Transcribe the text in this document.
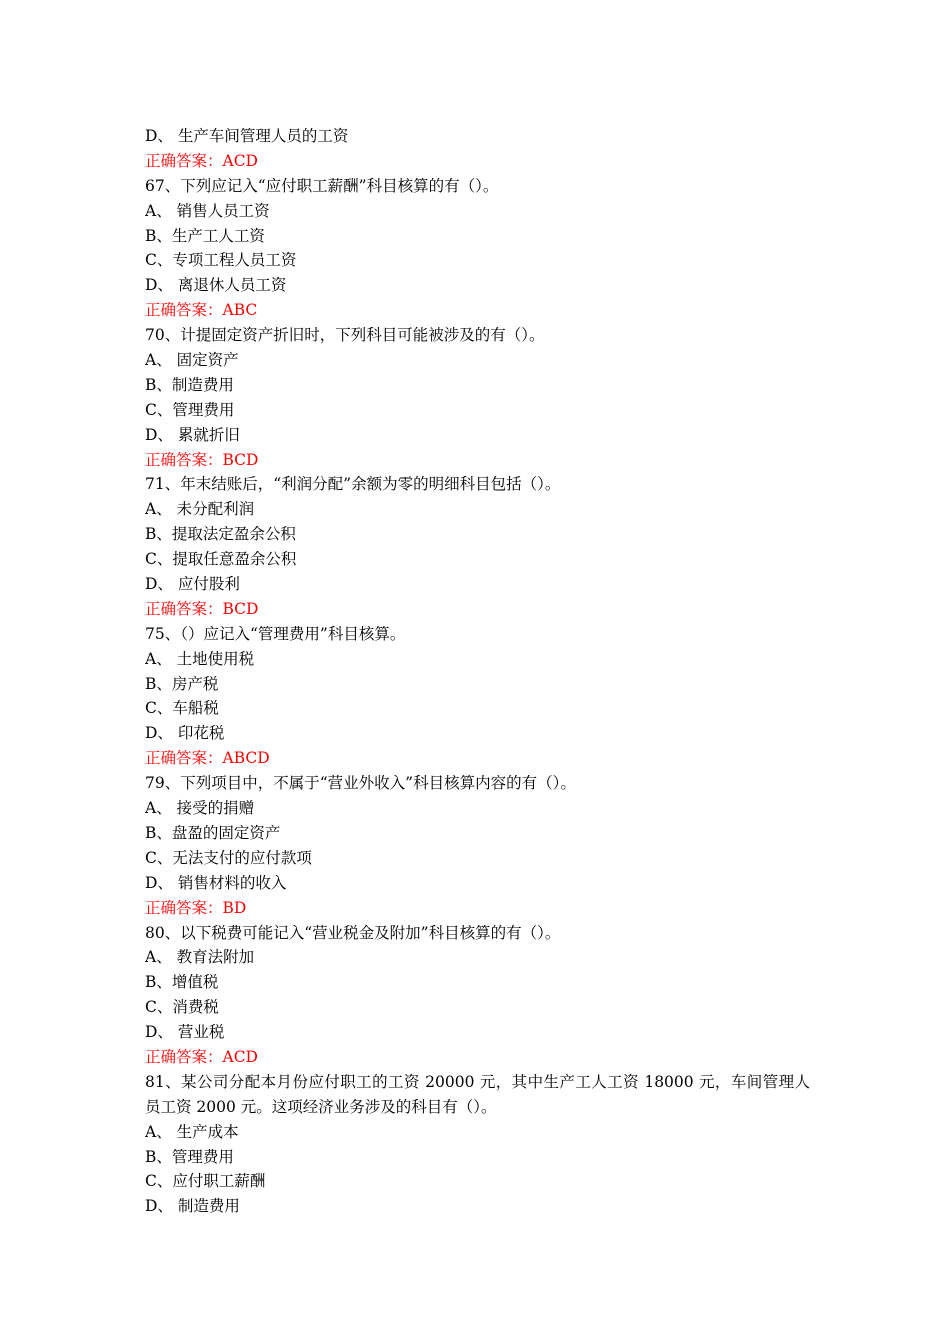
D、 生产车间管理人员的工资
正确答案：ACD
67、下列应记入“应付职工薪酬”科目核算的有（）。
A、 销售人员工资
B、生产工人工资
C、专项工程人员工资
D、 离退休人员工资
正确答案：ABC
70、计提固定资产折旧时，下列科目可能被涉及的有（）。
A、 固定资产
B、制造费用
C、管理费用
D、 累就折旧
正确答案：BCD
71、年末结账后，“利润分配”余额为零的明细科目包括（）。
A、 未分配利润
B、提取法定盈余公积
C、提取任意盈余公积
D、 应付股利
正确答案：BCD
75、（）应记入“管理费用”科目核算。
A、 土地使用税
B、房产税
C、车船税
D、 印花税
正确答案：ABCD
79、下列项目中，不属于“营业外收入”科目核算内容的有（）。
A、 接受的捐赠
B、盘盈的固定资产
C、无法支付的应付款项
D、 销售材料的收入
正确答案：BD
80、以下税费可能记入“营业税金及附加”科目核算的有（）。
A、 教育法附加
B、增值税
C、消费税
D、 营业税
正确答案：ACD
81、某公司分配本月份应付职工的工资 20000 元，其中生产工人工资 18000 元，车间管理人员工资 2000 元。这项经济业务涉及的科目有（）。
A、 生产成本
B、管理费用
C、应付职工薪酬
D、 制造费用
